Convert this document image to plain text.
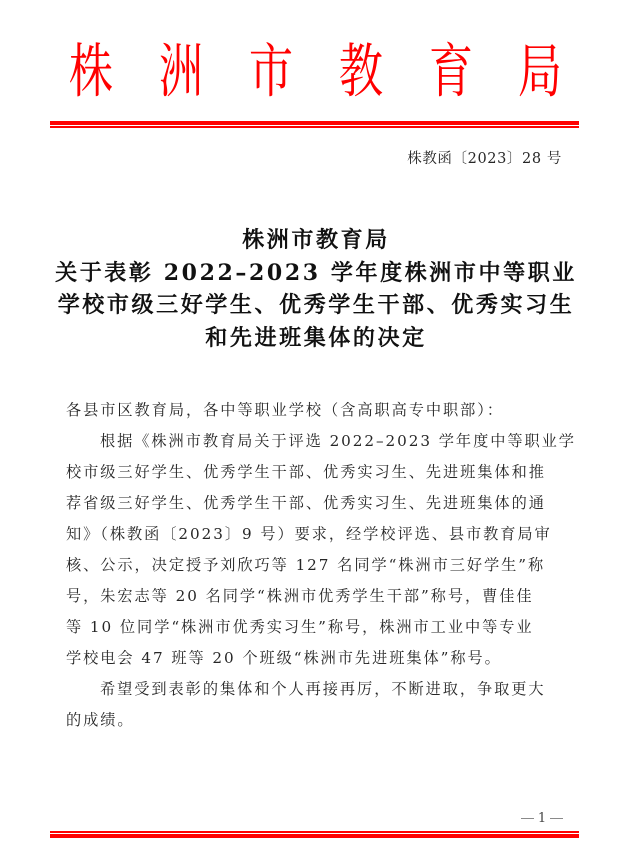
株 洲 市 教 育 局
株教函〔2023〕28 号
株洲市教育局
关于表彰 2022–2023 学年度株洲市中等职业
学校市级三好学生、优秀学生干部、优秀实习生
和先进班集体的决定
各县市区教育局，各中等职业学校（含高职高专中职部）：
根据《株洲市教育局关于评选 2022–2023 学年度中等职业学
校市级三好学生、优秀学生干部、优秀实习生、先进班集体和推
荐省级三好学生、优秀学生干部、优秀实习生、先进班集体的通
知》（株教函〔2023〕9 号）要求，经学校评选、县市教育局审
核、公示，决定授予刘欣巧等 127 名同学“株洲市三好学生”称
号，朱宏志等 20 名同学“株洲市优秀学生干部”称号，曹佳佳
等 10 位同学“株洲市优秀实习生”称号，株洲市工业中等专业
学校电会 47 班等 20 个班级“株洲市先进班集体”称号。
希望受到表彰的集体和个人再接再厉，不断进取，争取更大
的成绩。
1
